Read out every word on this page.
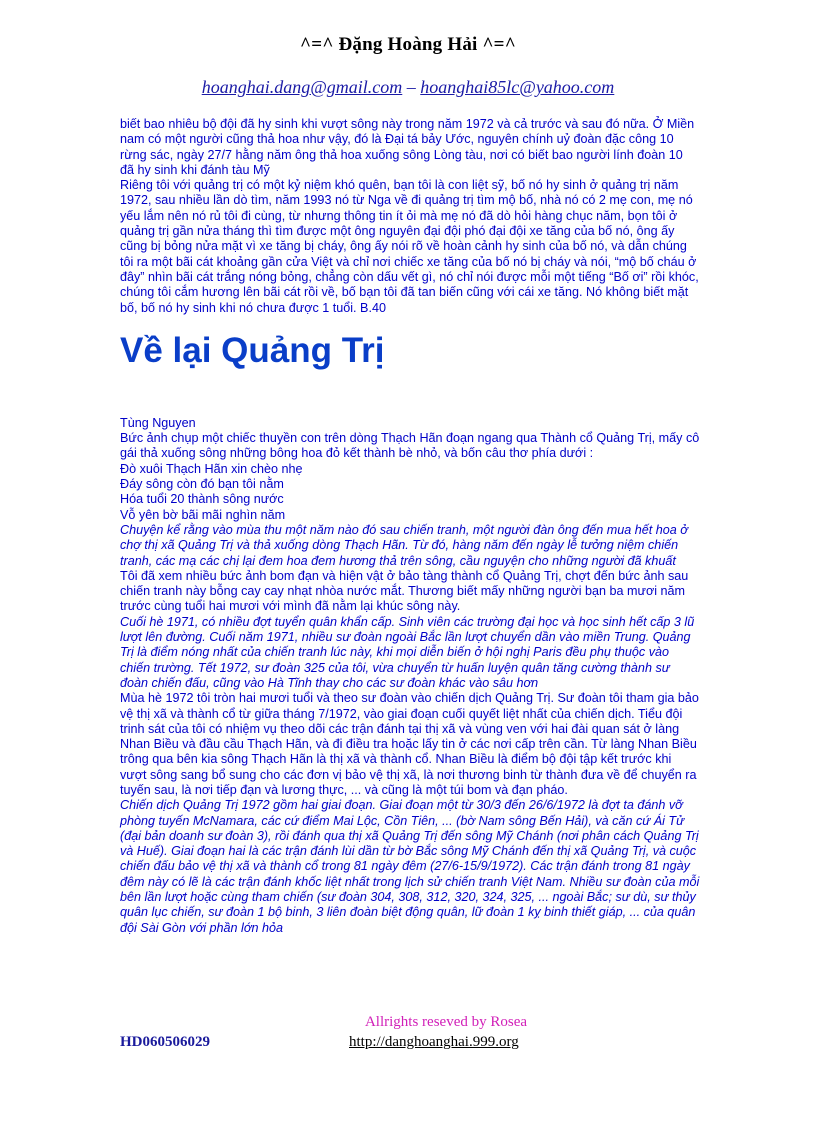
^=^ Đặng Hoàng Hải ^=^
hoanghai.dang@gmail.com – hoanghai85lc@yahoo.com

biết bao nhiêu bộ đội đã hy sinh khi vượt sông này trong năm 1972 và cả trước và sau đó nữa. Ở Miền nam có một người cũng thả hoa như vậy, đó là Đại tá bảy Ước, nguyên chính uỷ đoàn đặc công 10 rừng sác, ngày 27/7 hằng năm ông thả hoa xuống sông Lòng tàu, nơi có biết bao người lính đoàn 10 đã hy sinh khi đánh tàu Mỹ

Riêng tôi với quảng trị có một kỷ niệm khó quên, bạn tôi là con liệt sỹ, bố nó hy sinh ở quảng trị năm 1972, sau nhiều lần dò tìm, năm 1993 nó từ Nga về đi quảng trị tìm mộ bố, nhà nó có 2 mẹ con, mẹ nó yếu lắm nên nó rủ tôi đi cùng, từ nhưng thông tin ít ỏi mà mẹ nó đã dò hỏi hàng chục năm, bọn tôi ở quảng trị gần nửa tháng thì tìm được một ông nguyên đại đội phó đại đội xe tăng của bố nó, ông ấy cũng bị bỏng nửa mặt vì xe tăng bị cháy, ông ấy nói rõ về hoàn cảnh hy sinh của bố nó, và dẫn chúng tôi ra một bãi cát khoảng gần cửa Việt và chỉ nơi chiếc xe tăng của bố nó bị cháy và nói, “mộ bố cháu ở đây” nhìn bãi cát trắng nóng bỏng, chẳng còn dấu vết gì, nó chỉ nói được mỗi một tiếng “Bố ơi” rồi khóc, chúng tôi cắm hương lên bãi cát rồi về, bố bạn tôi đã tan biến cũng với cái xe tăng. Nó không biết mặt bố, bố nó hy sinh khi nó chưa được 1 tuổi. B.40

Về lại Quảng Trị

Tùng Nguyen

Bức ảnh chụp một chiếc thuyền con trên dòng Thạch Hãn đoạn ngang qua Thành cổ Quảng Trị, mấy cô gái thả xuống sông những bông hoa đỏ kết thành bè nhỏ, và bốn câu thơ phía dưới :

Đò xuôi Thạch Hãn xin chèo nhẹ

Đáy sông còn đó bạn tôi nằm

Hóa tuổi 20 thành sông nước

Vỗ yên bờ bãi mãi nghìn năm

Chuyện kể rằng vào mùa thu một năm nào đó sau chiến tranh, một người đàn ông đến mua hết hoa ở chợ thị xã Quảng Trị và thả xuống dòng Thạch Hãn. Từ đó, hàng năm đến ngày lễ tưởng niệm chiến tranh, các mạ các chị lại đem hoa đem hương thả trên sông, cầu nguyện cho những người đã khuất

Tôi đã xem nhiều bức ảnh bom đạn và hiện vật ở bảo tàng thành cổ Quảng Trị, chợt đến bức ảnh sau chiến tranh này bỗng cay cay nhạt nhòa nước mắt. Thương biết mấy những người bạn ba mươi năm trước cùng tuổi hai mươi với mình đã nằm lại khúc sông này.

Cuối hè 1971, có nhiều đợt tuyển quân khẩn cấp. Sinh viên các trường đại học và học sinh hết cấp 3 lũ lượt lên đường. Cuối năm 1971, nhiều sư đoàn ngoài Bắc lần lượt chuyển dần vào miền Trung. Quảng Trị là điểm nóng nhất của chiến tranh lúc này, khi mọi diễn biến ở hội nghị Paris đều phụ thuộc vào chiến trường. Tết 1972, sư đoàn 325 của tôi, vừa chuyển từ huấn luyện quân tăng cường thành sư đoàn chiến đấu, cũng vào Hà Tĩnh thay cho các sư đoàn khác vào sâu hơn

Mùa hè 1972 tôi tròn hai mươi tuổi và theo sư đoàn vào chiến dịch Quảng Trị. Sư đoàn tôi tham gia bảo vệ thị xã và thành cổ từ giữa tháng 7/1972, vào giai đoạn cuối quyết liệt nhất của chiến dịch. Tiểu đội trinh sát của tôi có nhiệm vụ theo dõi các trận đánh tại thị xã và vùng ven với hai đài quan sát ở làng Nhan Biều và đầu cầu Thạch Hãn, và đi điều tra hoặc lấy tin ở các nơi cấp trên cần. Từ làng Nhan Biều trông qua bên kia sông Thạch Hãn là thị xã và thành cổ. Nhan Biều là điểm bộ đội tập kết trước khi vượt sông sang bổ sung cho các đơn vị bảo vệ thị xã, là nơi thương binh từ thành đưa về để chuyển ra tuyến sau, là nơi tiếp đạn và lương thực, ... và cũng là một túi bom và đạn pháo.

Chiến dịch Quảng Trị 1972 gồm hai giai đoạn. Giai đoạn một từ 30/3 đến 26/6/1972 là đợt ta đánh vỡ phòng tuyến McNamara, các cứ điểm Mai Lộc, Cồn Tiên, ... (bờ Nam sông Bến Hải), và căn cứ Ái Tử (đại bản doanh sư đoàn 3), rồi đánh qua thị xã Quảng Trị đến sông Mỹ Chánh (nơi phân cách Quảng Trị và Huế). Giai đoạn hai là các trận đánh lùi dần từ bờ Bắc sông Mỹ Chánh đến thị xã Quảng Trị, và cuộc chiến đấu bảo vệ thị xã và thành cổ trong 81 ngày đêm (27/6-15/9/1972). Các trận đánh trong 81 ngày đêm này có lẽ là các trận đánh khốc liệt nhất trong lịch sử chiến tranh Việt Nam. Nhiều sư đoàn của mỗi bên lần lượt hoặc cùng tham chiến (sư đoàn 304, 308, 312, 320, 324, 325, ... ngoài Bắc; sư dù, sư thủy quân lục chiến, sư đoàn 1 bộ binh, 3 liên đoàn biệt động quân, lữ đoàn 1 kỵ binh thiết giáp, ... của quân đội Sài Gòn với phần lớn hỏa

Allrights reseved by Rosea
HD060506029	http://danghoanghai.999.org
